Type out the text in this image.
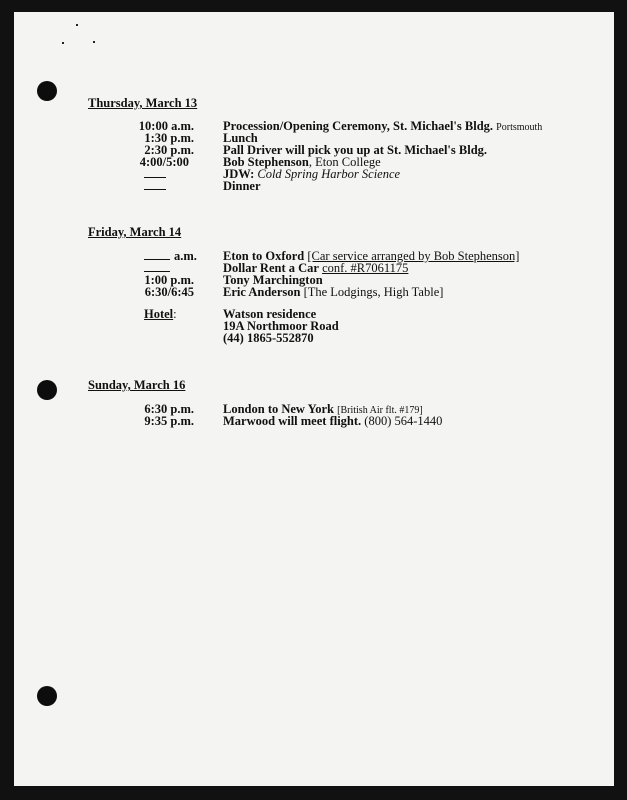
Thursday, March 13
10:00 a.m. Procession/Opening Ceremony, St. Michael's Bldg. Portsmouth
1:30 p.m. Lunch
2:30 p.m. Pall Driver will pick you up at St. Michael's Bldg.
4:00/5:00	Bob Stephenson, Eton College
JDW: Cold Spring Harbor Science
Dinner
Friday, March 14
a.m. Eton to Oxford [Car service arranged by Bob Stephenson]
Dollar Rent a Car conf. #R7061175
1:00 p.m. Tony Marchington
6:30/6:45 Eric Anderson [The Lodgings, High Table]
Hotel:	Watson residence
19A Northmoor Road
(44) 1865-552870
Sunday, March 16
6:30 p.m. London to New York [British Air flt. #179]
9:35 p.m. Marwood will meet flight. (800) 564-1440
